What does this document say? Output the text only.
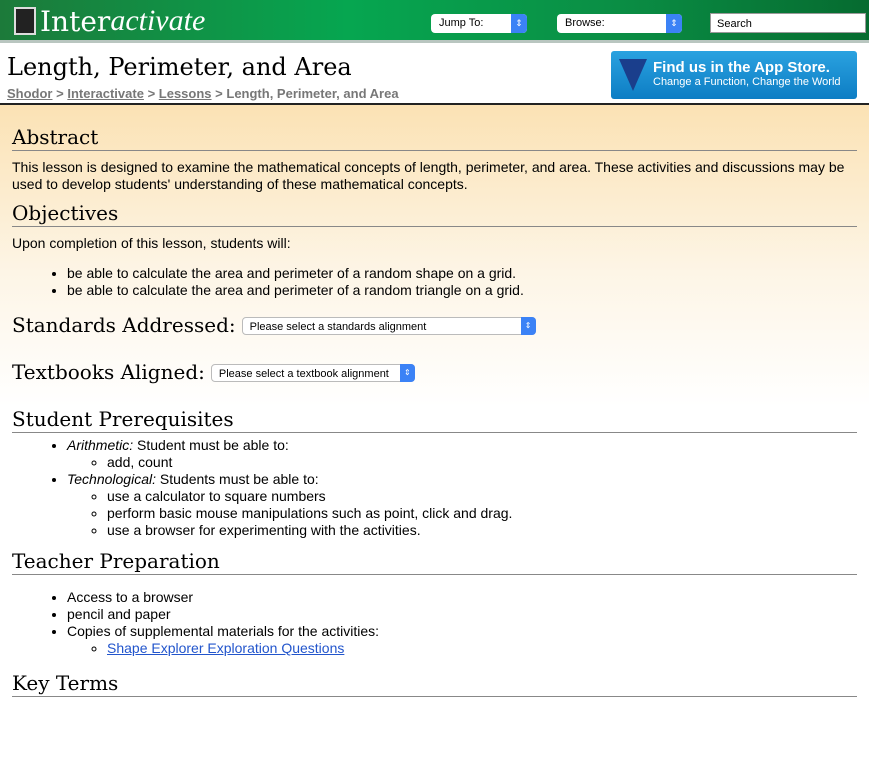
Inter activate	Jump To:	⇕	Browse:	⇕	Search
Length, Perimeter, and Area
Shodor > Interactivate > Lessons > Length, Perimeter, and Area
Find us in the App Store.
Change a Function, Change the World
Abstract

This lesson is designed to examine the mathematical concepts of length, perimeter, and area. These activities and discussions may be used to develop students' understanding of these mathematical concepts.

Objectives

Upon completion of this lesson, students will:

• be able to calculate the area and perimeter of a random shape on a grid.
• be able to calculate the area and perimeter of a random triangle on a grid.
Standards Addressed:	Please select a standards alignment	⇕
Textbooks Aligned:	Please select a textbook alignment	⇕
Student Prerequisites
• Arithmetic: Student must be able to:
◦ add, count
• Technological: Students must be able to:
◦ use a calculator to square numbers
◦ perform basic mouse manipulations such as point, click and drag.
◦ use a browser for experimenting with the activities.
Teacher Preparation
• Access to a browser
• pencil and paper
• Copies of supplemental materials for the activities:
◦ Shape Explorer Exploration Questions
Key Terms
